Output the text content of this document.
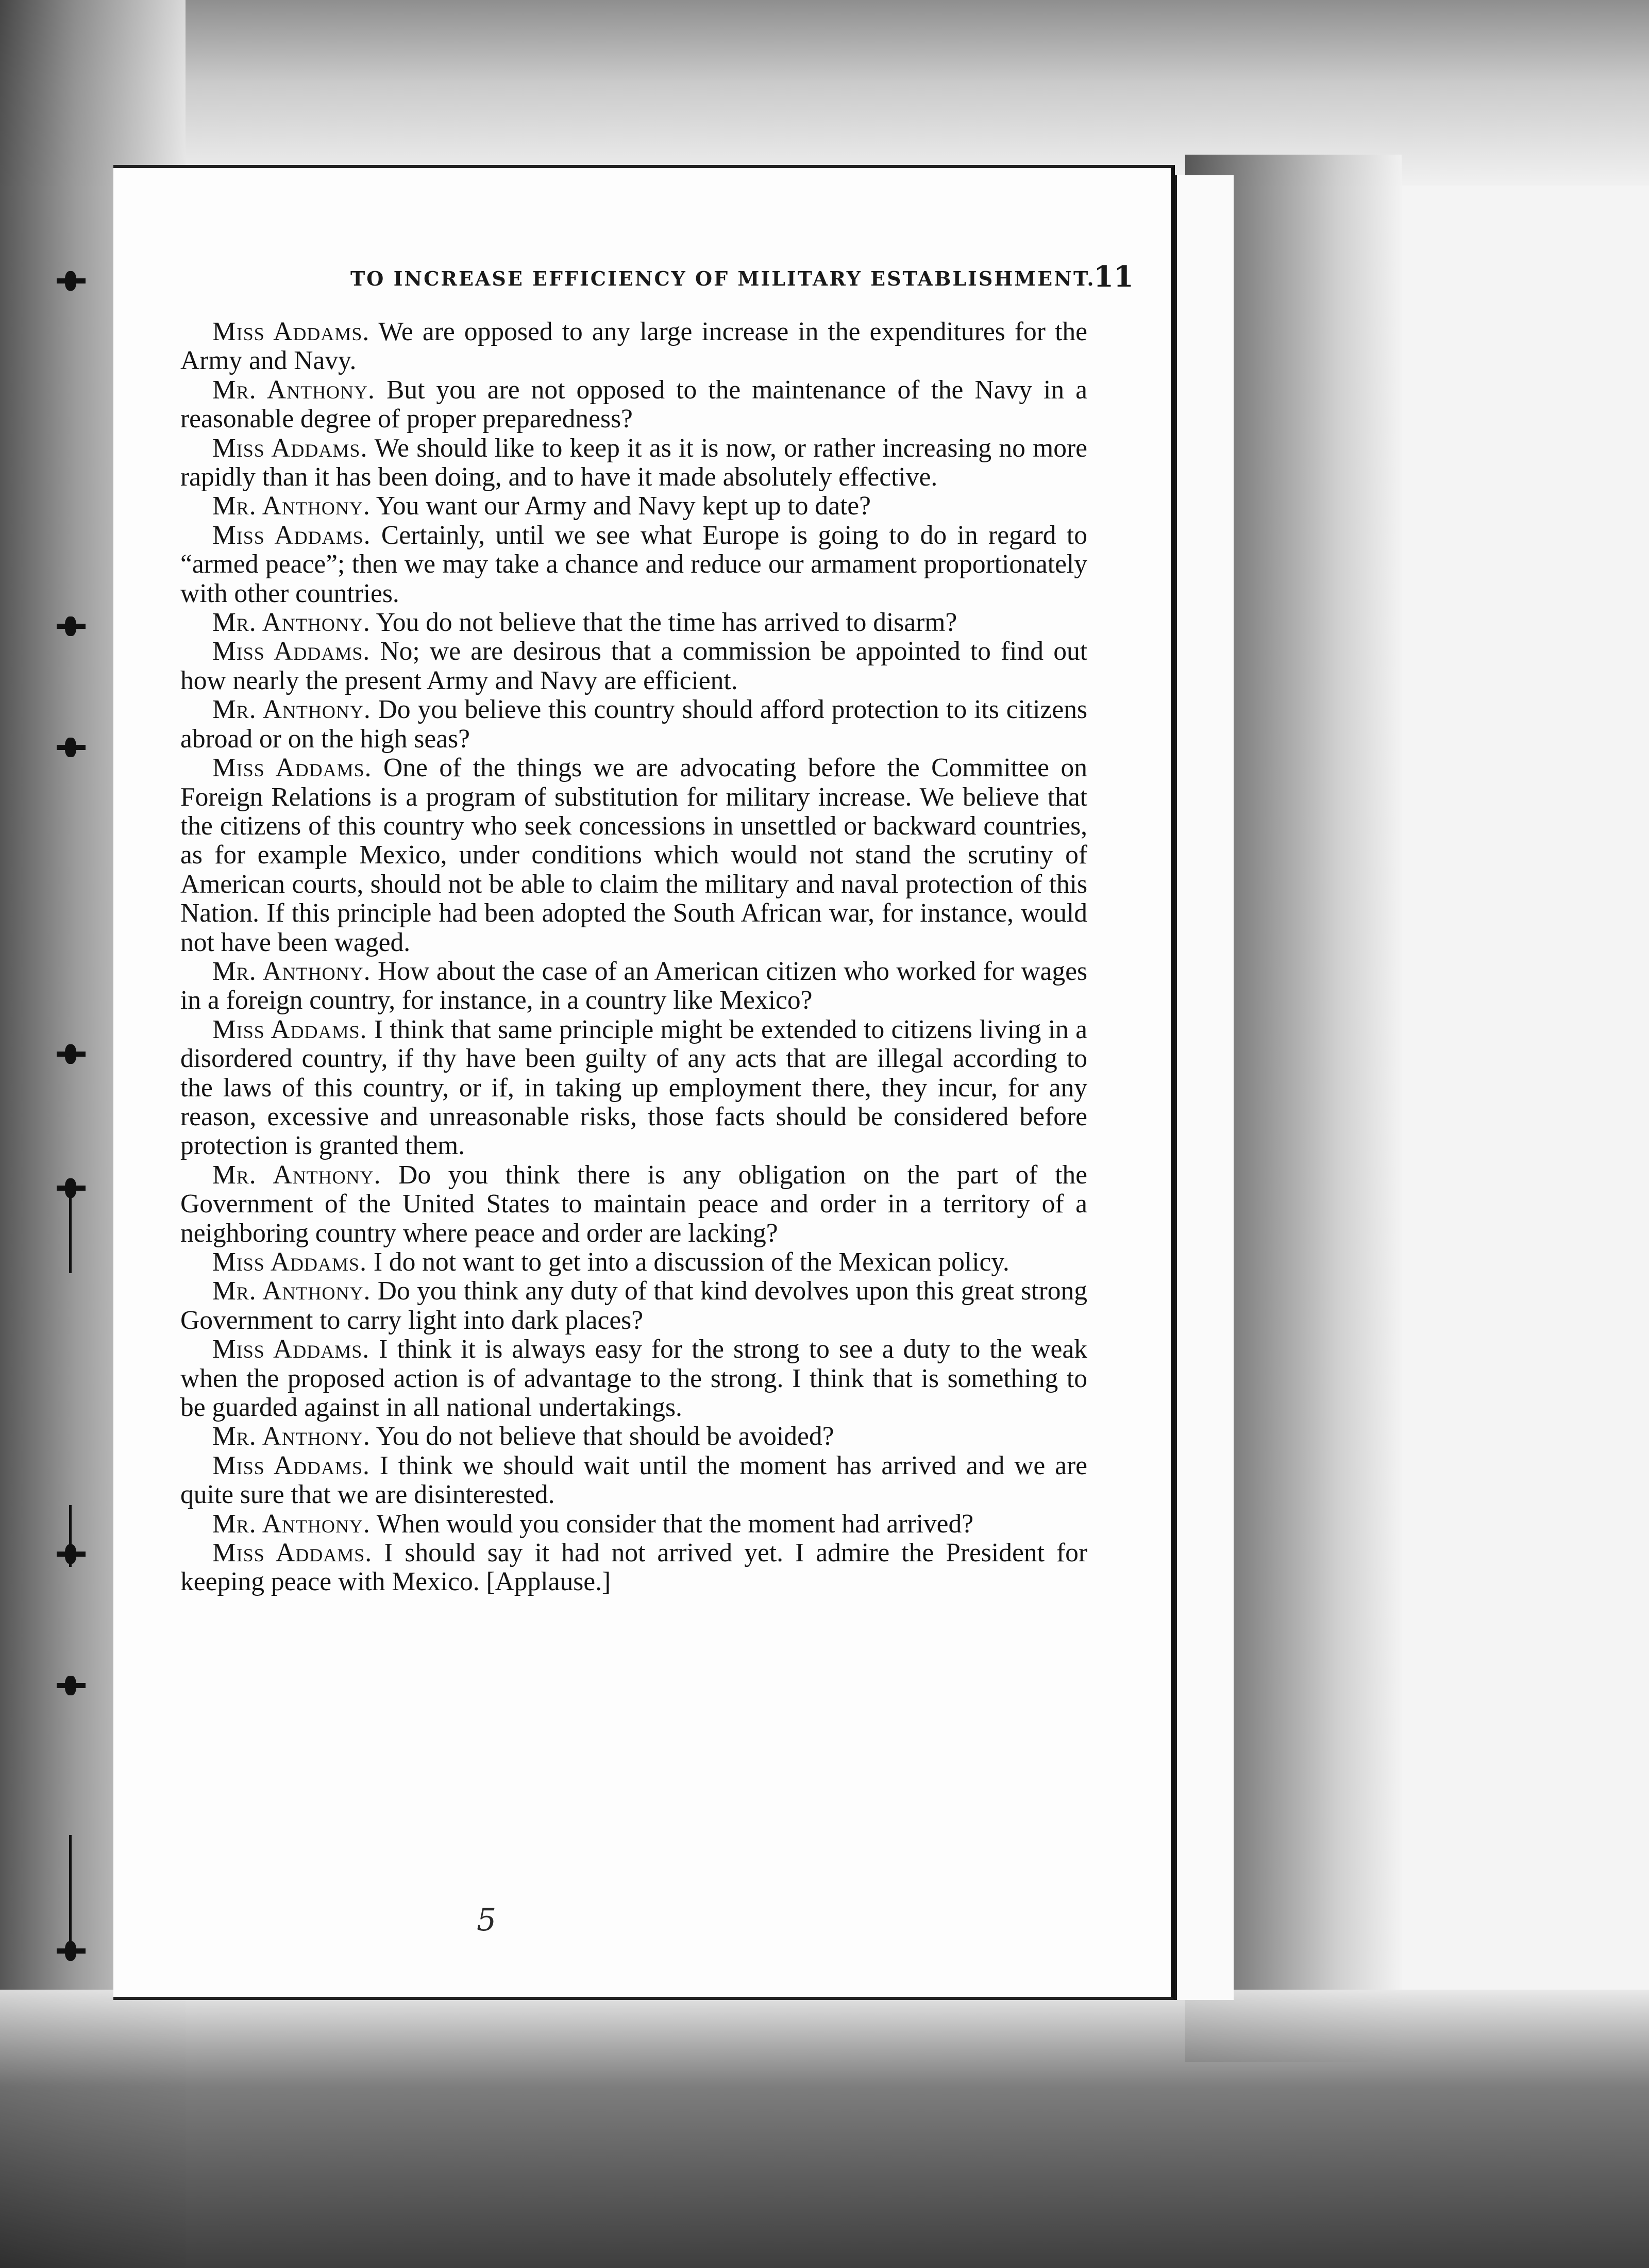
TO INCREASE EFFICIENCY OF MILITARY ESTABLISHMENT.
11

Miss Addams. We are opposed to any large increase in the expenditures for the Army and Navy.

Mr. Anthony. But you are not opposed to the maintenance of the Navy in a reasonable degree of proper preparedness?

Miss Addams. We should like to keep it as it is now, or rather increasing no more rapidly than it has been doing, and to have it made absolutely effective.

Mr. Anthony. You want our Army and Navy kept up to date?

Miss Addams. Certainly, until we see what Europe is going to do in regard to “armed peace”; then we may take a chance and reduce our armament proportionately with other countries.

Mr. Anthony. You do not believe that the time has arrived to disarm?

Miss Addams. No; we are desirous that a commission be appointed to find out how nearly the present Army and Navy are efficient.

Mr. Anthony. Do you believe this country should afford protection to its citizens abroad or on the high seas?

Miss Addams. One of the things we are advocating before the Committee on Foreign Relations is a program of substitution for military increase. We believe that the citizens of this country who seek concessions in unsettled or backward countries, as for example Mexico, under conditions which would not stand the scrutiny of American courts, should not be able to claim the military and naval protection of this Nation. If this principle had been adopted the South African war, for instance, would not have been waged.

Mr. Anthony. How about the case of an American citizen who worked for wages in a foreign country, for instance, in a country like Mexico?

Miss Addams. I think that same principle might be extended to citizens living in a disordered country, if thy have been guilty of any acts that are illegal according to the laws of this country, or if, in taking up employment there, they incur, for any reason, excessive and unreasonable risks, those facts should be considered before protection is granted them.

Mr. Anthony. Do you think there is any obligation on the part of the Government of the United States to maintain peace and order in a territory of a neighboring country where peace and order are lacking?

Miss Addams. I do not want to get into a discussion of the Mexican policy.

Mr. Anthony. Do you think any duty of that kind devolves upon this great strong Government to carry light into dark places?

Miss Addams. I think it is always easy for the strong to see a duty to the weak when the proposed action is of advantage to the strong. I think that is something to be guarded against in all national undertakings.

Mr. Anthony. You do not believe that should be avoided?

Miss Addams. I think we should wait until the moment has arrived and we are quite sure that we are disinterested.

Mr. Anthony. When would you consider that the moment had arrived?

Miss Addams. I should say it had not arrived yet. I admire the President for keeping peace with Mexico. [Applause.]

5
